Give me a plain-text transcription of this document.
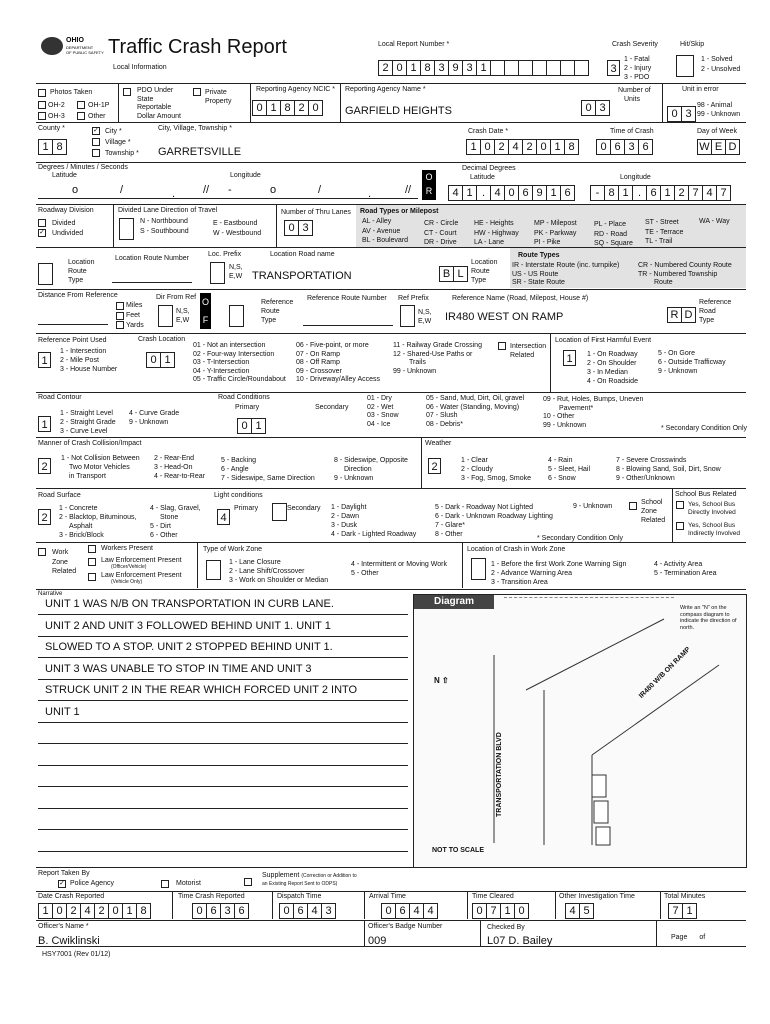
OHIO
DEPARTMENT
OF PUBLIC SAFETY Traffic Crash Report
Local Information
Local Report Number *
2 0 1 8 3 9 3 1
Crash Severity
3
1 - Fatal
2 - Injury
3 - PDO
Hit/Skip
1 - Solved
2 - Unsolved
Photos Taken
OH-2	OH-1P
OH-3	Other
PDO Under
State
Reportable
Dollar Amount
Private
Property
Reporting Agency NCIC *
0 1 8 2 0
Reporting Agency Name *
GARFIELD HEIGHTS	0 3
Number of
Units
Unit in error
0 3
98 - Animal
99 - Unknown
County *
1 8
✓ City *
Village *
Township *
City, Village, Township *
GARRETSVILLE
Crash Date *
1 0 2 4 2 0 1 8
Time of Crash
0 6 3 6
Day of Week
W E D
Degrees / Minutes / Seconds
Latitude	Longitude
o	/	.	// -	o	/	.	//
O
R
Decimal Degrees
Latitude	Longitude
4 1 . 4 0 6 9 1 6	- 8 1 . 6 1 2 7 4 7
Roadway Division
Divided
✓ Undivided
Divided Lane Direction of Travel
N - Northbound
S - Southbound
E - Eastbound
W - Westbound
Number of Thru Lanes
0 3
Road Types or Milepost
AL - Alley
AV - Avenue
BL - Boulevard
CR - Circle
CT - Court
DR - Drive
HE - Heights
HW - Highway
LA - Lane
MP - Milepost
PK - Parkway
PI - Pike
PL - Place
RD - Road
SQ - Square
ST - Street
TE - Terrace
TL - Trail
WA - Way
Location
Route
Type
Location Route Number
Loc. Prefix
N,S,
E,W
Location Road name
TRANSPORTATION	B L
Location
Route
Type
Route Types
IR - Interstate Route (inc. turnpike)
US - US Route
SR - State Route
CR - Numbered County Route
TR - Numbered Township
Route
Distance From Reference
Miles
Feet
Yards
Dir From Ref
N,S,
E,W
O
F
Reference
Route
Type
Reference Route Number Ref Prefix
N,S,
E,W
Reference Name (Road, Milepost, House #)
IR480 WEST ON RAMP	R D
Reference
Road
Type
Reference Point Used
1
1 - Intersection
2 - Mile Post
3 - House Number
Crash Location
0 1
01 - Not an intersection
02 - Four-way Intersection
03 - T-Intersection
04 - Y-Intersection
05 - Traffic Circle/Roundabout
06 - Five-point, or more
07 - On Ramp
08 - Off Ramp
09 - Crossover
10 - Driveway/Alley Access
11 - Railway Grade Crossing
12 - Shared-Use Paths or
Trails
99 - Unknown
Intersection
Related
Location of First Harmful Event
1	1 - On Roadway
2 - On Shoulder
3 - In Median
4 - On Roadside
5 - On Gore
6 - Outside Trafficway
9 - Unknown
Road Contour
1
1 - Straight Level
2 - Straight Grade
3 - Curve Level
4 - Curve Grade
9 - Unknown
Road Conditions
Primary	Secondary
0 1
01 - Dry
02 - Wet
03 - Snow
04 - Ice
05 - Sand, Mud, Dirt, Oil, gravel
06 - Water (Standing, Moving)
07 - Slush
08 - Debris*
09 - Rut, Holes, Bumps, Uneven
Pavement*
10 - Other
99 - Unknown	* Secondary Condition Only
Manner of Crash Collision/Impact
2
1 - Not Collision Between
Two Motor Vehicles
in Transport
2 - Rear-End
3 - Head-On
4 - Rear-to-Rear
5 - Backing
6 - Angle
7 - Sideswipe, Same Direction
8 - Sideswipe, Opposite
Direction
9 - Unknown
Weather
2
1 - Clear
2 - Cloudy
3 - Fog, Smog, Smoke
4 - Rain
5 - Sleet, Hail
6 - Snow
7 - Severe Crosswinds
8 - Blowing Sand, Soil, Dirt, Snow
9 - Other/Unknown
Road Surface
2
1 - Concrete
2 - Blacktop, Bituminous,
Asphalt
3 - Brick/Block
4 - Slag, Gravel,
Stone
5 - Dirt
6 - Other
Light conditions
4
Primary	Secondary 1 - Daylight
2 - Dawn
3 - Dusk
4 - Dark - Lighted Roadway
5 - Dark - Roadway Not Lighted
6 - Dark - Unknown Roadway Lighting
7 - Glare*
8 - Other
9 - Unknown
* Secondary Condition Only
School
Zone
Related
School Bus Related
Yes, School Bus
Directly Involved
Yes, School Bus
Indirectly Involved
Work
Zone
Related
Workers Present
Law Enforcement Present
(Officer/Vehicle)
Law Enforcement Present
(Vehicle Only)
Type of Work Zone
1 - Lane Closure
2 - Lane Shift/Crossover
3 - Work on Shoulder or Median
4 - Intermittent or Moving Work
5 - Other
Location of Crash in Work Zone
1 - Before the first Work Zone Warning Sign
2 - Advance Warning Area
3 - Transition Area
4 - Activity Area
5 - Termination Area
Narrative
UNIT 1 WAS N/B ON TRANSPORTATION IN CURB LANE.
UNIT 2 AND UNIT 3 FOLLOWED BEHIND UNIT 1. UNIT 1
SLOWED TO A STOP. UNIT 2 STOPPED BEHIND UNIT 1.
UNIT 3 WAS UNABLE TO STOP IN TIME AND UNIT 3
STRUCK UNIT 2 IN THE REAR WHICH FORCED UNIT 2 INTO
UNIT 1
Diagram
Write an "N" on the compass diagram to indicate the direction of north.
N ⇧	IR480 W/B ON RAMP
TRANSPORTATION BLVD
NOT TO SCALE
Report Taken By
✓ Police Agency	Motorist
Supplement (Correction or Addition to
an Existing Report Sent to ODPS)
Date Crash Reported
1 0 2 4 2 0 1 8
Time Crash Reported
0 6 3 6
Dispatch Time
0 6 4 3
Arrival Time
0 6 4 4
Time Cleared
0 7 1 0
Other Investigation Time
4 5
Total Minutes
7 1
Officer's Name *
B. Cwiklinski
Officer's Badge Number
009
Checked By
L07 D. Bailey	Page of
HSY7001 (Rev 01/12)
